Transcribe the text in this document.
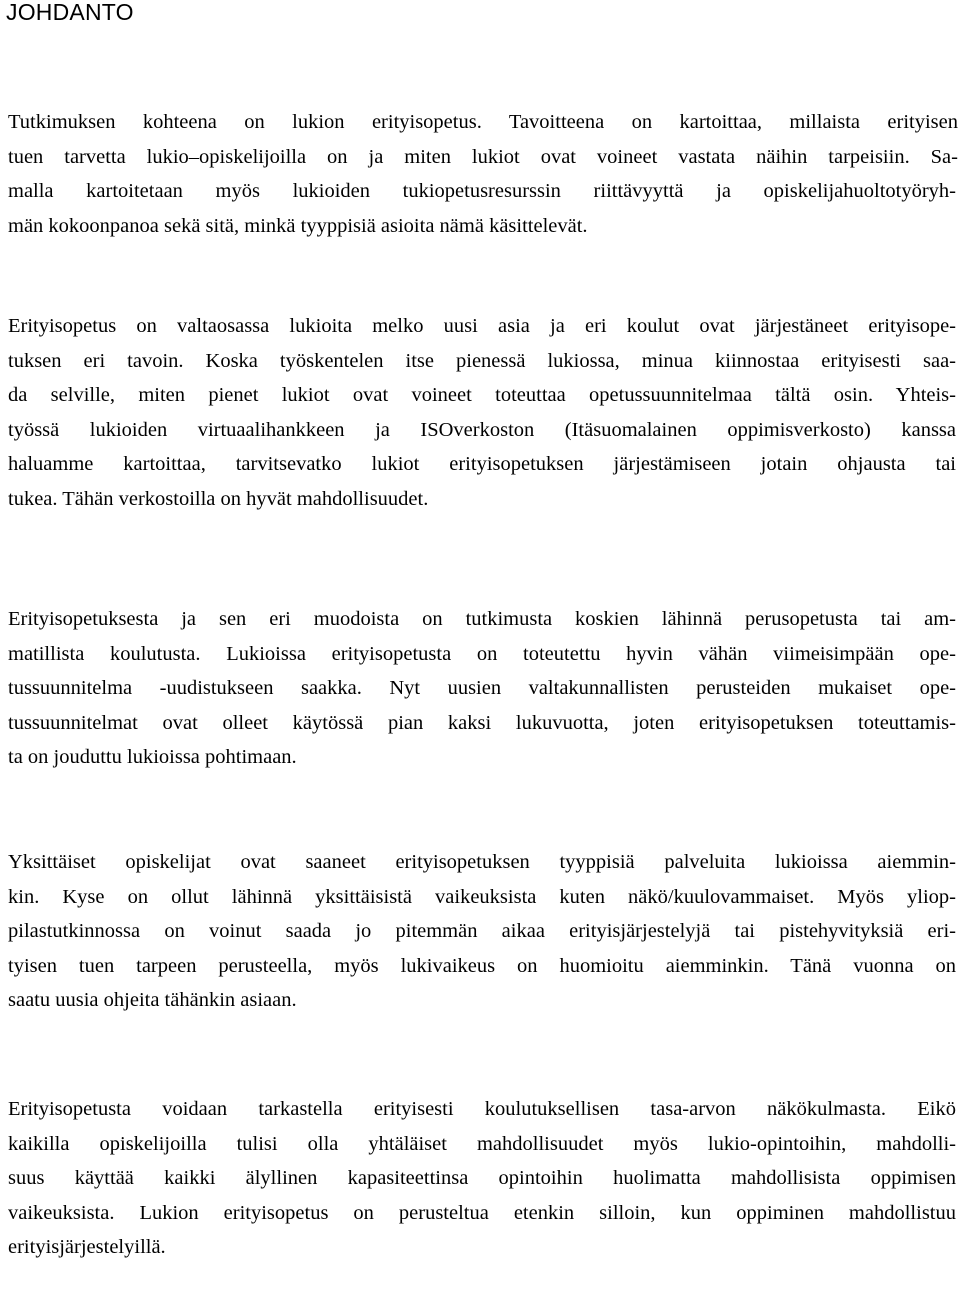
JOHDANTO
Tutkimuksen kohteena on lukion erityisopetus. Tavoitteena on kartoittaa, millaista erityisen
tuen tarvetta lukio–opiskelijoilla on ja miten lukiot ovat voineet vastata näihin tarpeisiin. Sa-
malla kartoitetaan myös lukioiden tukiopetusresurssin riittävyyttä ja opiskelijahuoltotyöryh-
män kokoonpanoa sekä sitä, minkä tyyppisiä asioita nämä käsittelevät.
Erityisopetus on valtaosassa lukioita melko uusi asia ja eri koulut ovat järjestäneet erityisope-
tuksen eri tavoin. Koska työskentelen itse pienessä lukiossa, minua kiinnostaa erityisesti saa-
da selville, miten pienet lukiot ovat voineet toteuttaa opetussuunnitelmaa tältä osin. Yhteis-
työssä lukioiden virtuaalihankkeen ja ISOverkoston (Itäsuomalainen oppimisverkosto) kanssa
haluamme kartoittaa, tarvitsevatko lukiot erityisopetuksen järjestämiseen jotain ohjausta tai
tukea. Tähän verkostoilla on hyvät mahdollisuudet.
Erityisopetuksesta ja sen eri muodoista on tutkimusta koskien lähinnä perusopetusta tai am-
matillista koulutusta. Lukioissa erityisopetusta on toteutettu hyvin vähän viimeisimpään ope-
tussuunnitelma -uudistukseen saakka. Nyt uusien valtakunnallisten perusteiden mukaiset ope-
tussuunnitelmat ovat olleet käytössä pian kaksi lukuvuotta, joten erityisopetuksen toteuttamis-
ta on jouduttu lukioissa pohtimaan.
Yksittäiset opiskelijat ovat saaneet erityisopetuksen tyyppisiä palveluita lukioissa aiemmin-
kin. Kyse on ollut lähinnä yksittäisistä vaikeuksista kuten näkö/kuulovammaiset. Myös yliop-
pilastutkinnossa on voinut saada jo pitemmän aikaa erityisjärjestelyjä tai pistehyvityksiä eri-
tyisen tuen tarpeen perusteella, myös lukivaikeus on huomioitu aiemminkin. Tänä vuonna on
saatu uusia ohjeita tähänkin asiaan.
Erityisopetusta voidaan tarkastella erityisesti koulutuksellisen tasa-arvon näkökulmasta. Eikö
kaikilla opiskelijoilla tulisi olla yhtäläiset mahdollisuudet myös lukio-opintoihin, mahdolli-
suus käyttää kaikki älyllinen kapasiteettinsa opintoihin huolimatta mahdollisista oppimisen
vaikeuksista. Lukion erityisopetus on perusteltua etenkin silloin, kun oppiminen mahdollistuu
erityisjärjestelyillä.
